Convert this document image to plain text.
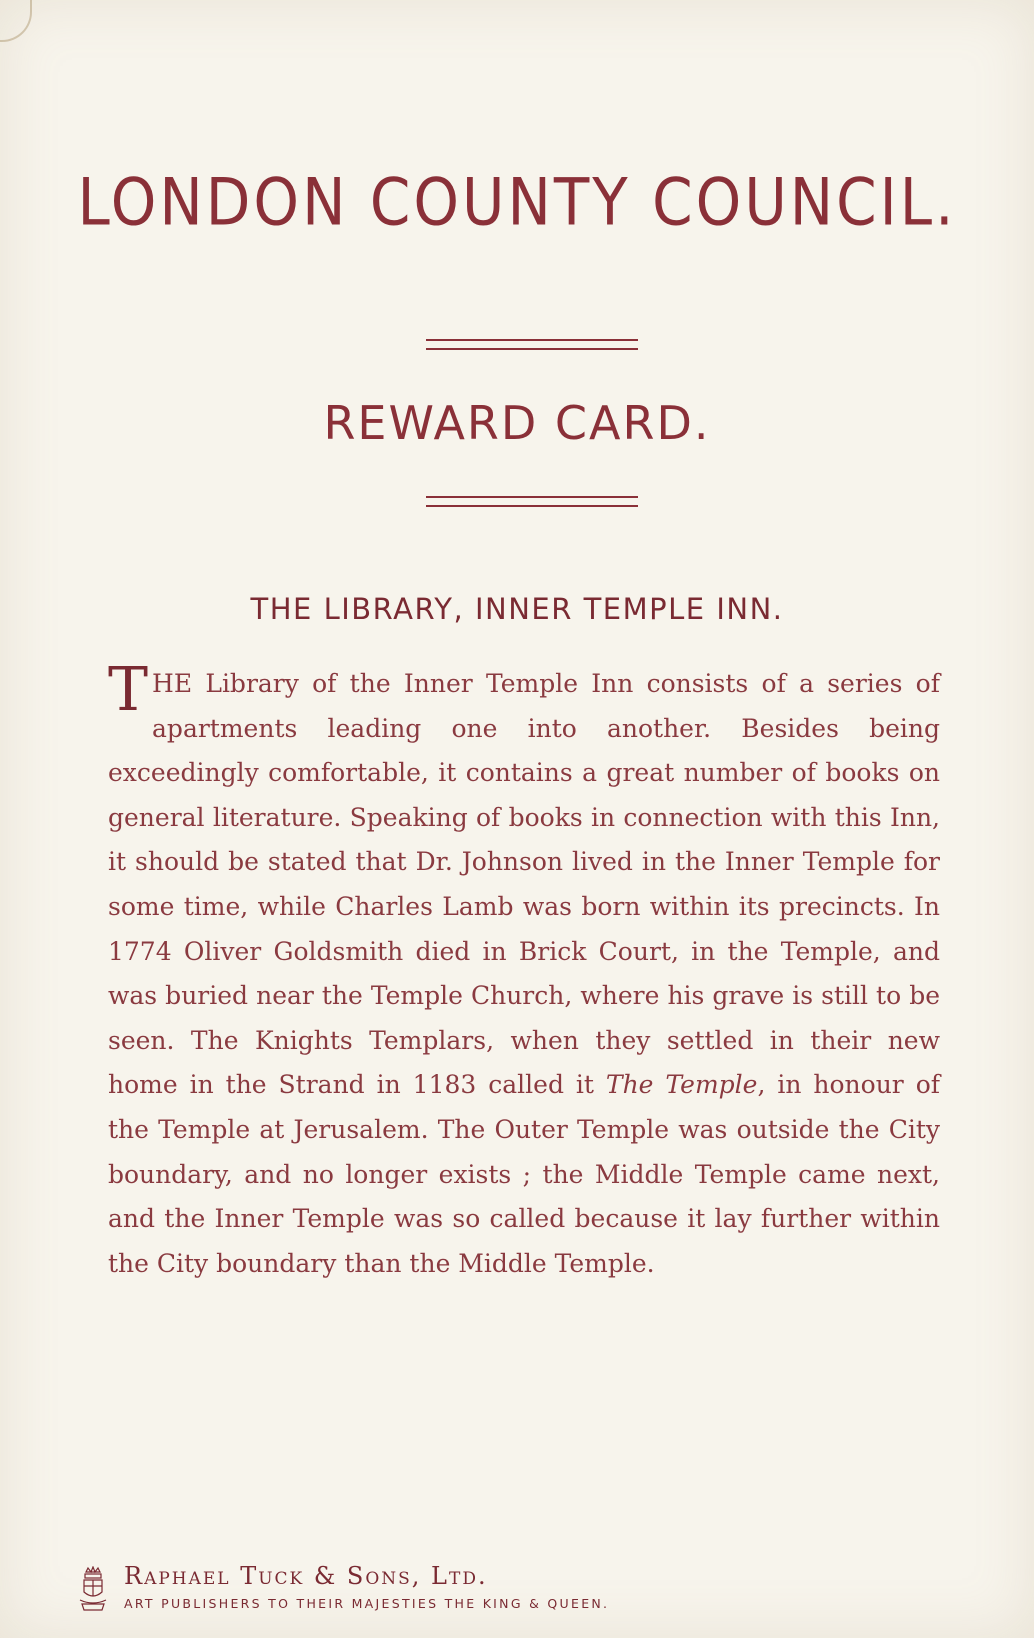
LONDON COUNTY COUNCIL.
REWARD CARD.
THE LIBRARY, INNER TEMPLE INN.

THE Library of the Inner Temple Inn consists of a series of apartments leading one into another. Besides being exceedingly comfortable, it contains a great number of books on general literature. Speaking of books in connection with this Inn, it should be stated that Dr. Johnson lived in the Inner Temple for some time, while Charles Lamb was born within its precincts. In 1774 Oliver Goldsmith died in Brick Court, in the Temple, and was buried near the Temple Church, where his grave is still to be seen. The Knights Templars, when they settled in their new home in the Strand in 1183 called it The Temple, in honour of the Temple at Jerusalem. The Outer Temple was outside the City boundary, and no longer exists ; the Middle Temple came next, and the Inner Temple was so called because it lay further within the City boundary than the Middle Temple.

Raphael Tuck & Sons, Ltd.

ART PUBLISHERS TO THEIR MAJESTIES THE KING & QUEEN.
